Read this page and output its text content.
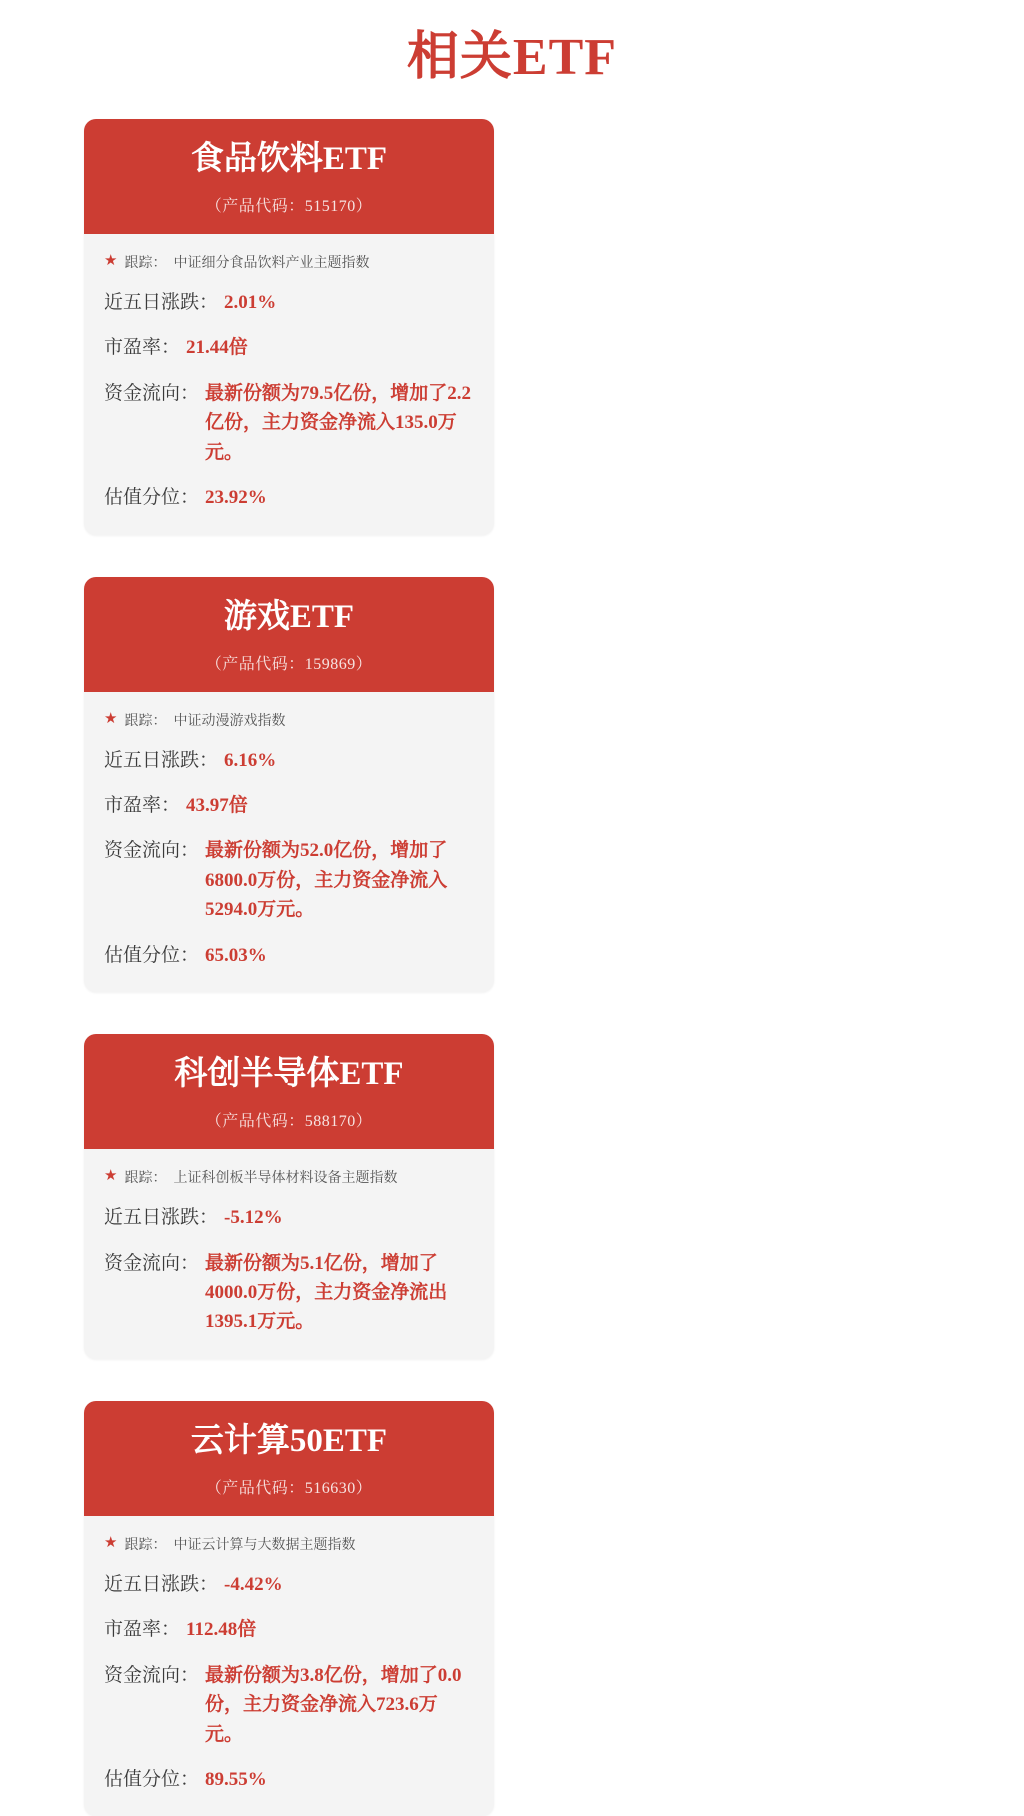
相关ETF
食品饮料ETF
（产品代码：515170）
★ 跟踪： 中证细分食品饮料产业主题指数
近五日涨跌： 2.01%
市盈率： 21.44倍
资金流向： 最新份额为79.5亿份，增加了2.2亿份，主力资金净流入135.0万元。
估值分位： 23.92%
游戏ETF
（产品代码：159869）
★ 跟踪： 中证动漫游戏指数
近五日涨跌： 6.16%
市盈率： 43.97倍
资金流向： 最新份额为52.0亿份，增加了6800.0万份，主力资金净流入5294.0万元。
估值分位： 65.03%
科创半导体ETF
（产品代码：588170）
★ 跟踪： 上证科创板半导体材料设备主题指数
近五日涨跌： -5.12%
资金流向： 最新份额为5.1亿份，增加了4000.0万份，主力资金净流出1395.1万元。
云计算50ETF
（产品代码：516630）
★ 跟踪： 中证云计算与大数据主题指数
近五日涨跌： -4.42%
市盈率： 112.48倍
资金流向： 最新份额为3.8亿份，增加了0.0份，主力资金净流入723.6万元。
估值分位： 89.55%
